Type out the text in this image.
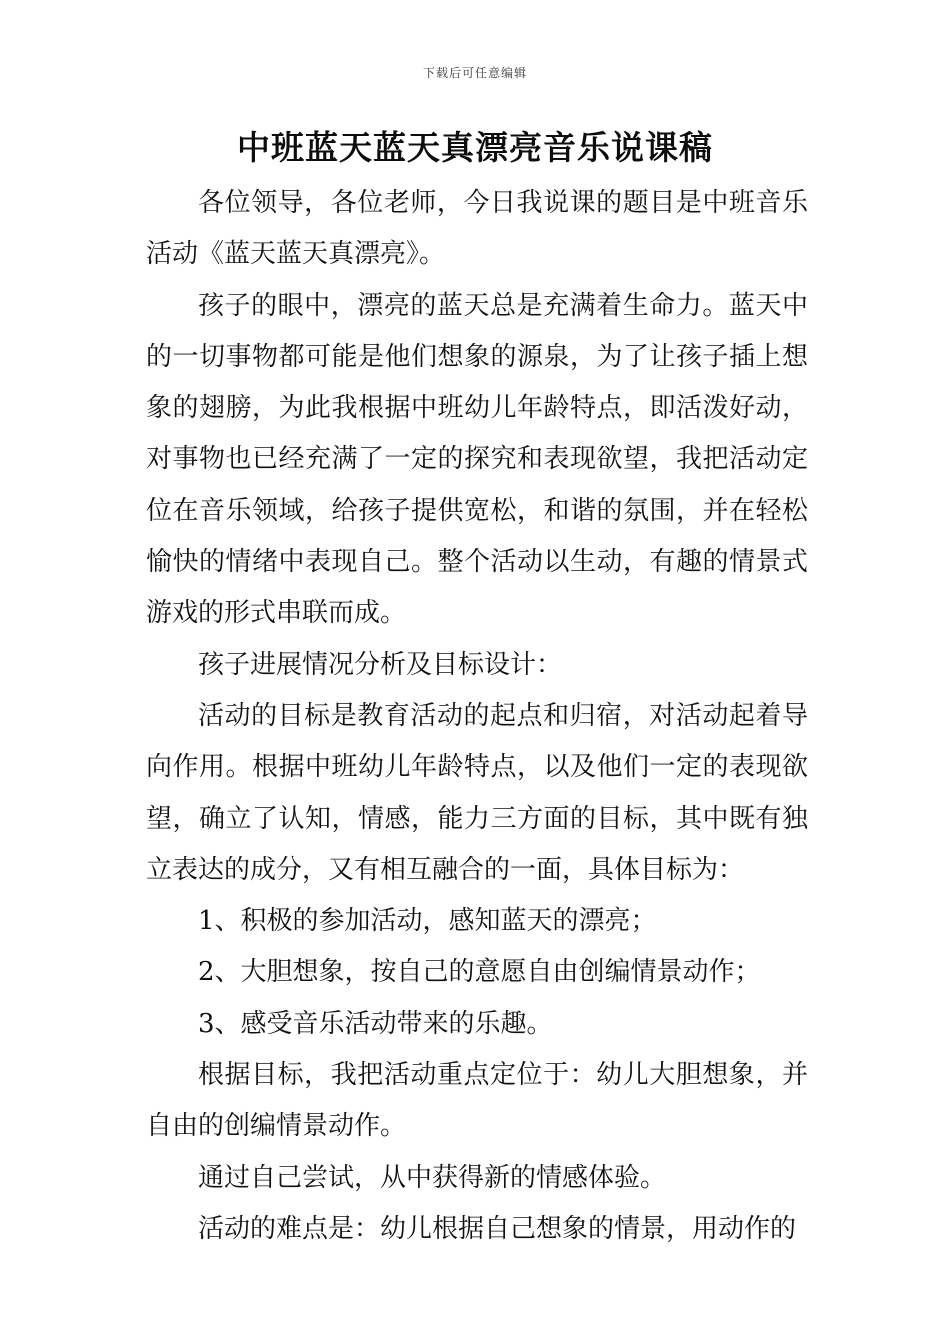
下载后可任意编辑
中班蓝天蓝天真漂亮音乐说课稿

各位领导，各位老师，今日我说课的题目是中班音乐活动《蓝天蓝天真漂亮》。

孩子的眼中，漂亮的蓝天总是充满着生命力。蓝天中的一切事物都可能是他们想象的源泉，为了让孩子插上想象的翅膀，为此我根据中班幼儿年龄特点，即活泼好动，对事物也已经充满了一定的探究和表现欲望，我把活动定位在音乐领域，给孩子提供宽松，和谐的氛围，并在轻松愉快的情绪中表现自己。整个活动以生动，有趣的情景式游戏的形式串联而成。

孩子进展情况分析及目标设计：

活动的目标是教育活动的起点和归宿，对活动起着导向作用。根据中班幼儿年龄特点，以及他们一定的表现欲望，确立了认知，情感，能力三方面的目标，其中既有独立表达的成分，又有相互融合的一面，具体目标为：

1、积极的参加活动，感知蓝天的漂亮；

2、大胆想象，按自己的意愿自由创编情景动作；

3、感受音乐活动带来的乐趣。

根据目标，我把活动重点定位于：幼儿大胆想象，并自由的创编情景动作。

通过自己尝试，从中获得新的情感体验。

活动的难点是：幼儿根据自己想象的情景，用动作的
